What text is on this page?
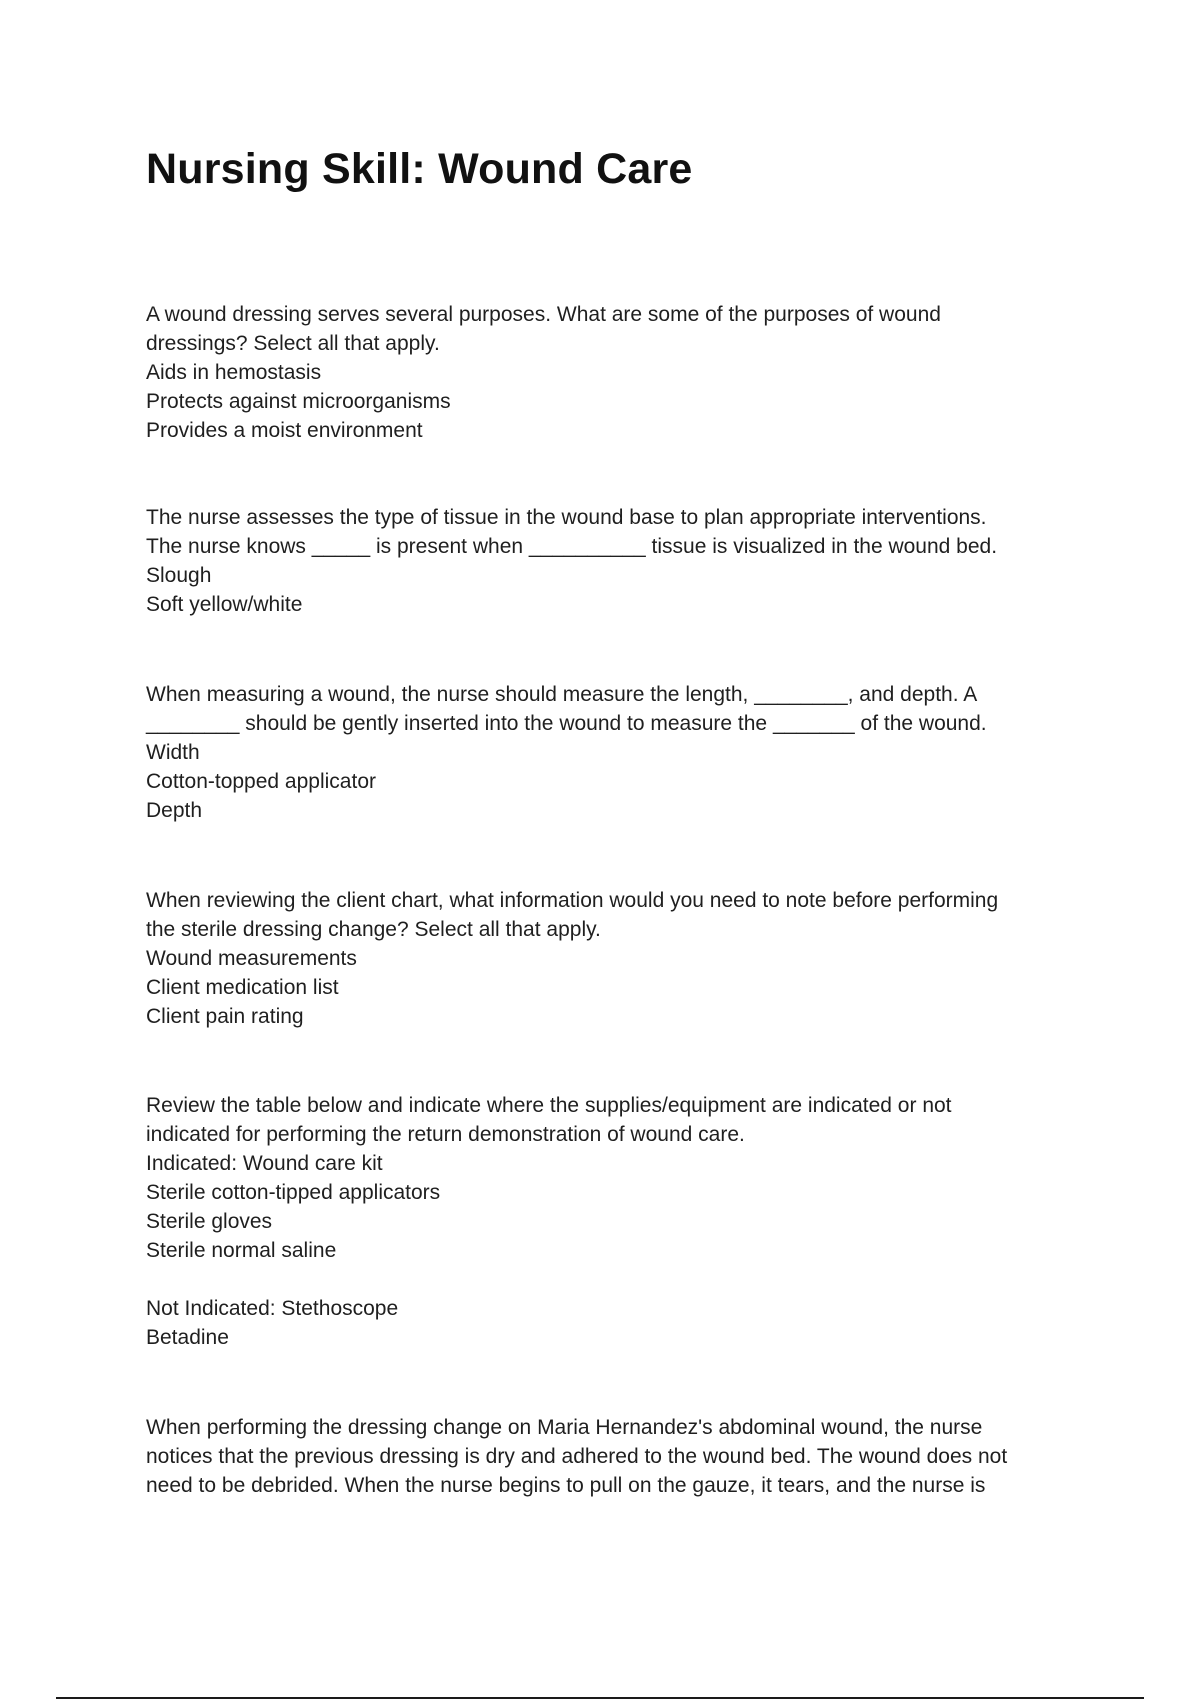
Nursing Skill: Wound Care
A wound dressing serves several purposes. What are some of the purposes of wound
dressings? Select all that apply.
Aids in hemostasis
Protects against microorganisms
Provides a moist environment
The nurse assesses the type of tissue in the wound base to plan appropriate interventions.
The nurse knows _____ is present when __________ tissue is visualized in the wound bed.
Slough
Soft yellow/white
When measuring a wound, the nurse should measure the length, ________, and depth. A
________ should be gently inserted into the wound to measure the _______ of the wound.
Width
Cotton-topped applicator
Depth
When reviewing the client chart, what information would you need to note before performing
the sterile dressing change? Select all that apply.
Wound measurements
Client medication list
Client pain rating
Review the table below and indicate where the supplies/equipment are indicated or not
indicated for performing the return demonstration of wound care.
Indicated: Wound care kit
Sterile cotton-tipped applicators
Sterile gloves
Sterile normal saline
Not Indicated: Stethoscope
Betadine
When performing the dressing change on Maria Hernandez's abdominal wound, the nurse
notices that the previous dressing is dry and adhered to the wound bed. The wound does not
need to be debrided. When the nurse begins to pull on the gauze, it tears, and the nurse is
